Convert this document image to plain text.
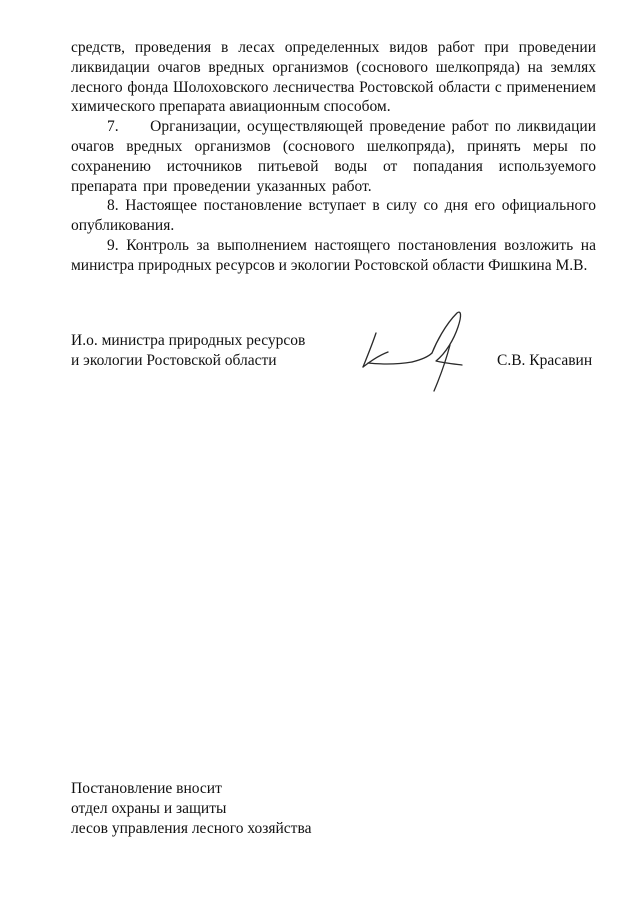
средств, проведения в лесах определенных видов работ при проведении ликвидации очагов вредных организмов (соснового шелкопряда) на землях лесного фонда Шолоховского лесничества Ростовской области с применением химического препарата авиационным способом.

7.     Организации, осуществляющей проведение работ по ликвидации очагов вредных организмов (соснового шелкопряда), принять меры по сохранению источников питьевой воды от попадания используемого препарата при проведении указанных работ.

8. Настоящее постановление вступает в силу со дня его официального опубликования.

9. Контроль за выполнением настоящего постановления возложить на министра природных ресурсов и экологии Ростовской области Фишкина М.В.

И.о. министра природных ресурсов
и экологии Ростовской области	С.В. Красавин
Постановление вносит
отдел охраны и защиты
лесов управления лесного хозяйства
